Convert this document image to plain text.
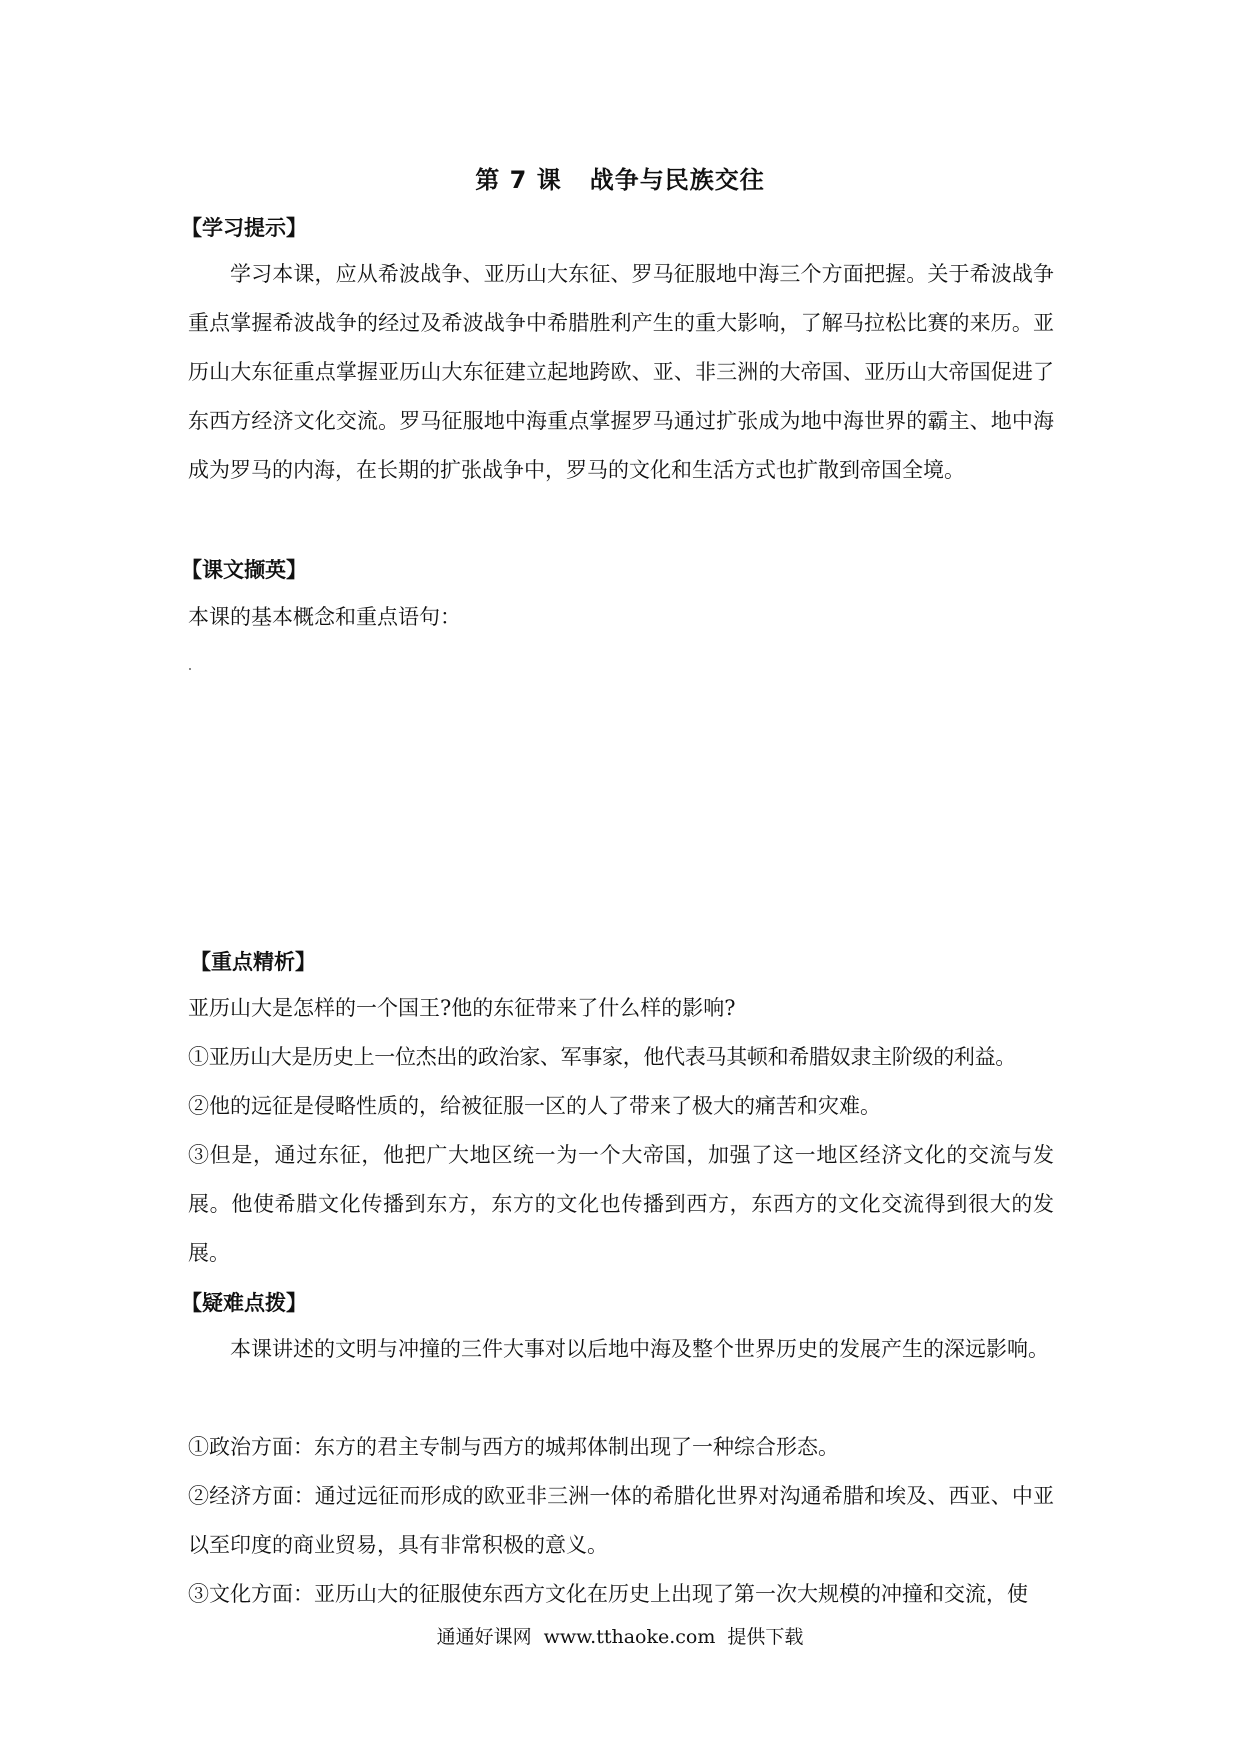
第 7 课 战争与民族交往
【学习提示】

学习本课，应从希波战争、亚历山大东征、罗马征服地中海三个方面把握。关于希波战争重点掌握希波战争的经过及希波战争中希腊胜利产生的重大影响，了解马拉松比赛的来历。亚历山大东征重点掌握亚历山大东征建立起地跨欧、亚、非三洲的大帝国、亚历山大帝国促进了东西方经济文化交流。罗马征服地中海重点掌握罗马通过扩张成为地中海世界的霸主、地中海成为罗马的内海，在长期的扩张战争中，罗马的文化和生活方式也扩散到帝国全境。

【课文撷英】

本课的基本概念和重点语句：

【重点精析】

亚历山大是怎样的一个国王?他的东征带来了什么样的影响?

①亚历山大是历史上一位杰出的政治家、军事家，他代表马其顿和希腊奴隶主阶级的利益。

②他的远征是侵略性质的，给被征服一区的人了带来了极大的痛苦和灾难。

③但是，通过东征，他把广大地区统一为一个大帝国，加强了这一地区经济文化的交流与发展。他使希腊文化传播到东方，东方的文化也传播到西方，东西方的文化交流得到很大的发展。

【疑难点拨】

本课讲述的文明与冲撞的三件大事对以后地中海及整个世界历史的发展产生的深远影响。

①政治方面：东方的君主专制与西方的城邦体制出现了一种综合形态。

②经济方面：通过远征而形成的欧亚非三洲一体的希腊化世界对沟通希腊和埃及、西亚、中亚以至印度的商业贸易，具有非常积极的意义。

③文化方面：亚历山大的征服使东西方文化在历史上出现了第一次大规模的冲撞和交流，使

通通好课网 www.tthaoke.com 提供下载
